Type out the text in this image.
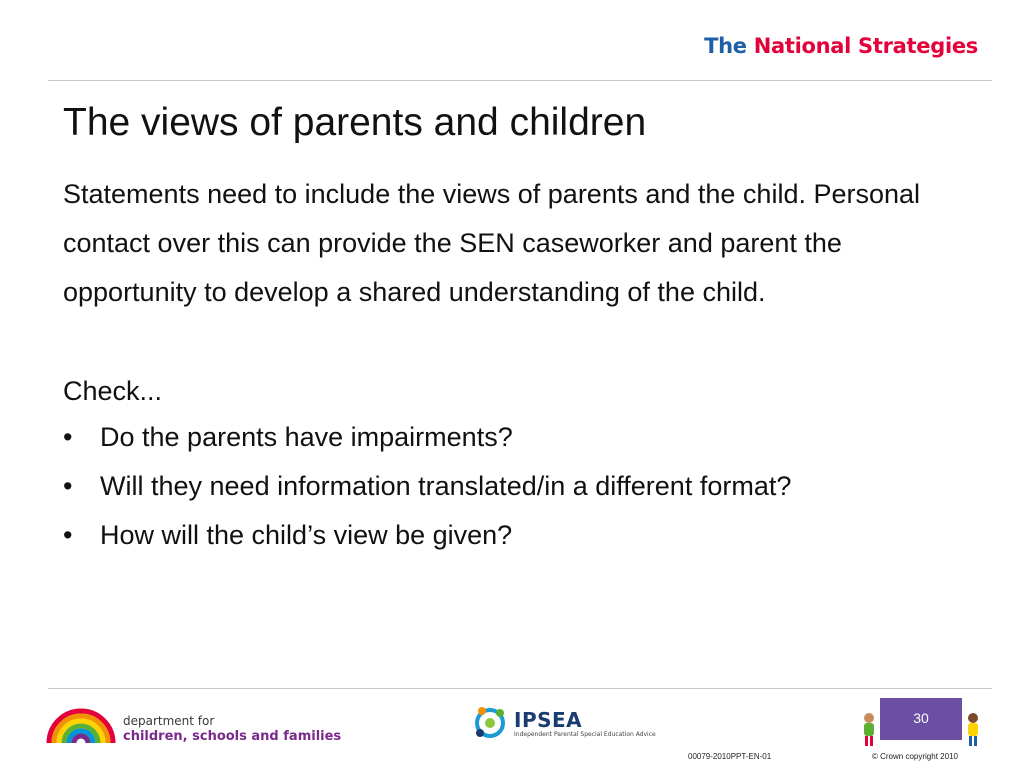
The National Strategies
The views of parents and children

Statements need to include the views of parents and the child. Personal contact over this can provide the SEN caseworker and parent the opportunity to develop a shared understanding of the child.

Check...

• Do the parents have impairments?
• Will they need information translated/in a different format?
• How will the child’s view be given?
department for
children, schools and families
IPSEA
Independent Parental Special Education Advice
30
00079-2010PPT-EN-01	© Crown copyright 2010
